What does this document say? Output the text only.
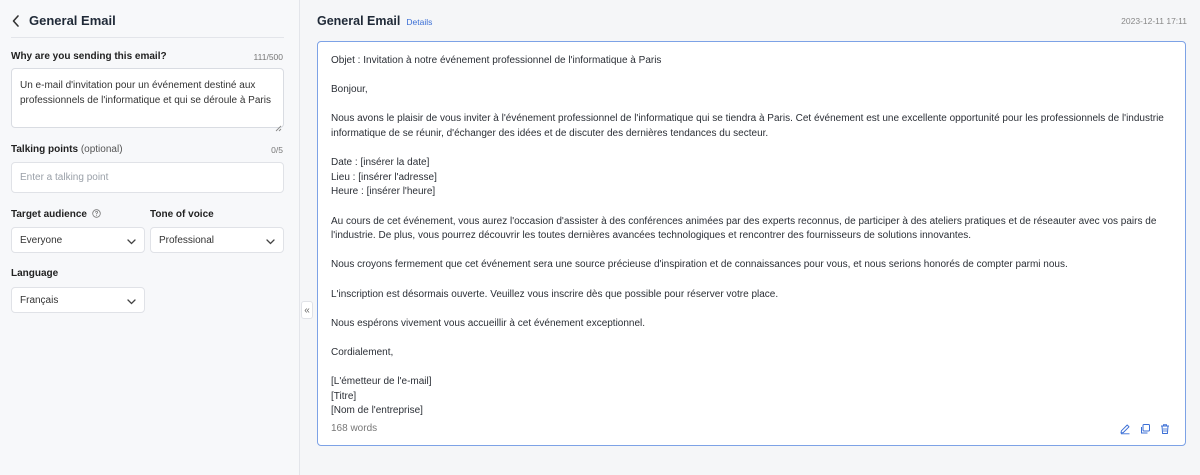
General Email
Why are you sending this email?	111/500
Un e-mail d'invitation pour un événement destiné aux professionnels de l'informatique et qui se déroule à Paris
Talking points (optional)	0/5
Enter a talking point
Target audience
Everyone
Tone of voice
Professional
Language
Français
«
General Email Details	2023-12-11 17:11

Objet : Invitation à notre événement professionnel de l'informatique à Paris

Bonjour,

Nous avons le plaisir de vous inviter à l'événement professionnel de l'informatique qui se tiendra à Paris. Cet événement est une excellente opportunité pour les professionnels de l'industrie informatique de se réunir, d'échanger des idées et de discuter des dernières tendances du secteur.

Date : [insérer la date]
Lieu : [insérer l'adresse]
Heure : [insérer l'heure]

Au cours de cet événement, vous aurez l'occasion d'assister à des conférences animées par des experts reconnus, de participer à des ateliers pratiques et de réseauter avec vos pairs de l'industrie. De plus, vous pourrez découvrir les toutes dernières avancées technologiques et rencontrer des fournisseurs de solutions innovantes.

Nous croyons fermement que cet événement sera une source précieuse d'inspiration et de connaissances pour vous, et nous serions honorés de compter parmi nous.

L'inscription est désormais ouverte. Veuillez vous inscrire dès que possible pour réserver votre place.

Nous espérons vivement vous accueillir à cet événement exceptionnel.

Cordialement,

[L'émetteur de l'e-mail]
[Titre]
[Nom de l'entreprise]

168 words
